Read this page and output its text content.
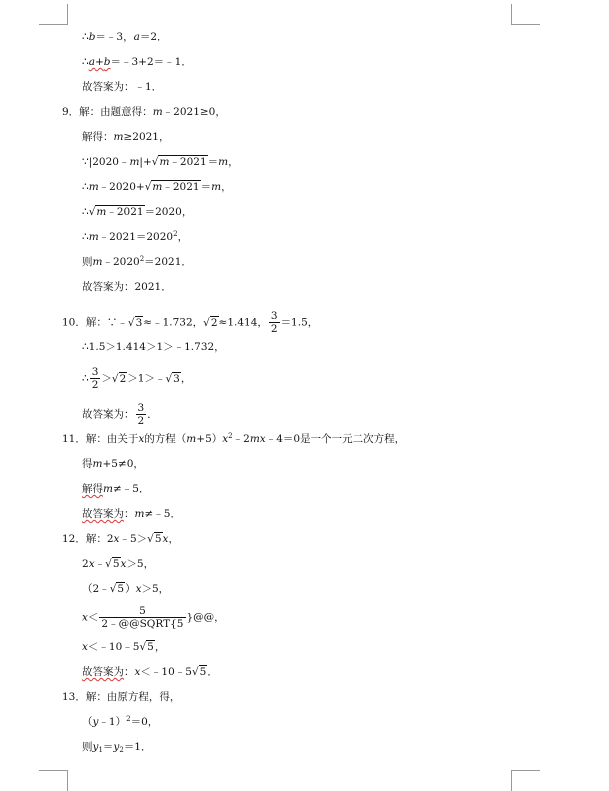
∴b＝﹣3，a＝2．
∴a+b＝﹣3+2＝﹣1．
故答案为：﹣1．
9．解：由题意得：m﹣2021≥0，
解得：m≥2021，
∵|2020﹣m|+√m﹣2021＝m，
∴m﹣2020+√m﹣2021＝m，
∴√m﹣2021＝2020，
$\therefore m﹣2021=2020^2$，
则$m﹣2020^2=2021$．
故答案为：2021．
10．解：∵﹣√3≈﹣1.732，√2≈1.414， $\frac{3}{2} =1.5$，
∴1.5＞1.414＞1＞﹣1.732，
∴ $\frac{3}{2}$ ＞√2＞1＞﹣√3，
故答案为： $\frac{3}{2}$ ．
11．解：由关于x的方程$(m+5)x^2﹣2mx﹣4=0$是一个一元二次方程，
得m+5≠0，
解得m≠﹣5．
故答案为：m≠﹣5．
12．解：2x﹣5＞√5x，
2x﹣√5x＞5，
（2﹣√5）x＞5，
$x< \frac{5}{\text{2﹣@@SQRT\{5}}$ }@@，
x＜﹣10﹣5√5，
故答案为：x＜﹣10﹣5√5．
13．解：由原方程，得，
（y﹣1）$^2$＝0，
则$y_1=y_2=1$．
